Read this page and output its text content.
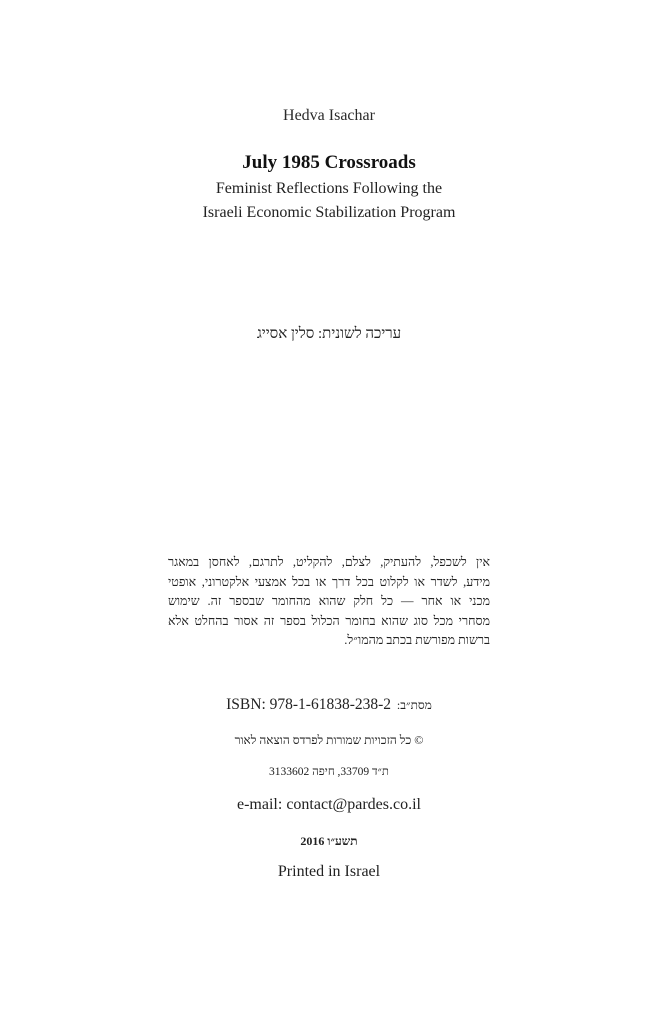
Hedva Isachar
July 1985 Crossroads
Feminist Reflections Following the
Israeli Economic Stabilization Program
עריכה לשונית: סלין אסייג
אין לשכפל, להעתיק, לצלם, להקליט, לתרגם, לאחסן במאגר
מידע, לשדר או לקלוט בכל דרך או בכל אמצעי אלקטרוני, אופטי
מכני או אחר — כל חלק שהוא מהחומר שבספר זה. שימוש
מסחרי מכל סוג שהוא בחומר הכלול בספר זה אסור בהחלט אלא
ברשות מפורשת בכתב מהמו״ל.
ISBN: 978-1-61838-238-2 מסת״ב:
© כל הזכויות שמורות לפרדס הוצאה לאור
ת״ד 33709, חיפה 3133602
e-mail: contact@pardes.co.il
תשע״ו 2016
Printed in Israel
